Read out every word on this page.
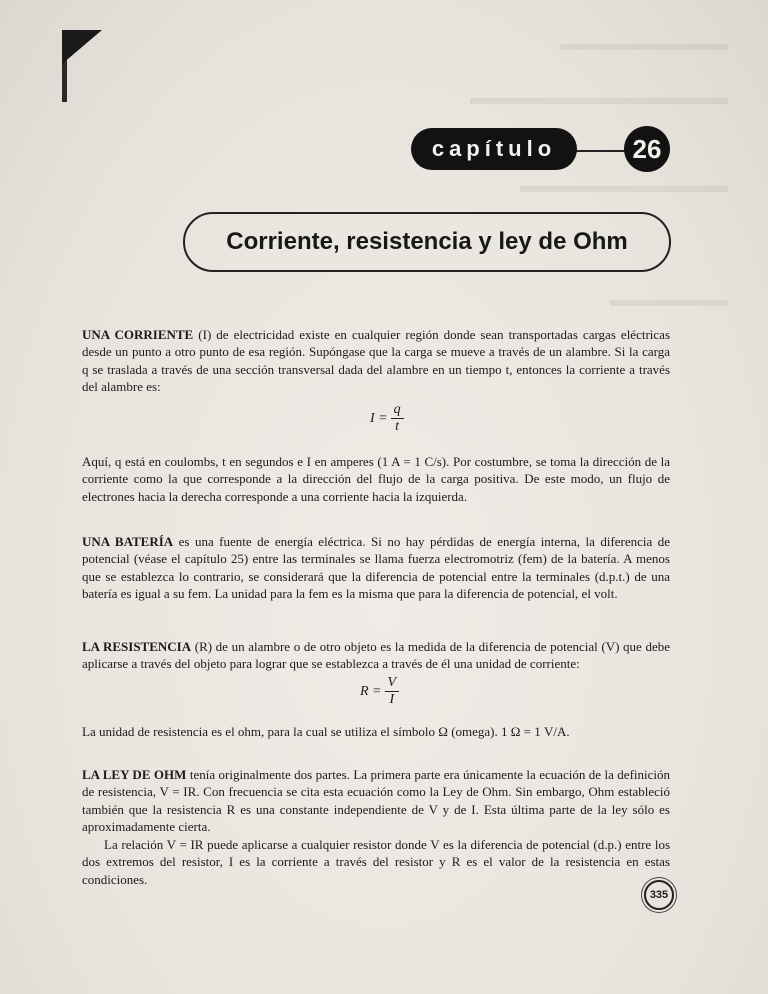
capítulo	26
Corriente, resistencia y ley de Ohm
UNA CORRIENTE (I) de electricidad existe en cualquier región donde sean transportadas cargas eléctricas desde un punto a otro punto de esa región. Supóngase que la carga se mueve a través de un alambre. Si la carga q se traslada a través de una sección transversal dada del alambre en un tiempo t, entonces la corriente a través del alambre es:
$I = \frac{q}{t}$
Aquí, q está en coulombs, t en segundos e I en amperes (1 A = 1 C/s). Por costumbre, se toma la dirección de la corriente como la que corresponde a la dirección del flujo de la carga positiva. De este modo, un flujo de electrones hacia la derecha corresponde a una corriente hacia la izquierda.
UNA BATERÍA es una fuente de energía eléctrica. Si no hay pérdidas de energía interna, la diferencia de potencial (véase el capítulo 25) entre las terminales se llama fuerza electromotriz (fem) de la batería. A menos que se establezca lo contrario, se considerará que la diferencia de potencial entre la terminales (d.p.t.) de una batería es igual a su fem. La unidad para la fem es la misma que para la diferencia de potencial, el volt.
LA RESISTENCIA (R) de un alambre o de otro objeto es la medida de la diferencia de potencial (V) que debe aplicarse a través del objeto para lograr que se establezca a través de él una unidad de corriente:
$R = \frac{V}{I}$
La unidad de resistencia es el ohm, para la cual se utiliza el símbolo Ω (omega). 1 Ω = 1 V/A.
LA LEY DE OHM tenía originalmente dos partes. La primera parte era únicamente la ecuación de la definición de resistencia, V = IR. Con frecuencia se cita esta ecuación como la Ley de Ohm. Sin embargo, Ohm estableció también que la resistencia R es una constante independiente de V y de I. Esta última parte de la ley sólo es aproximadamente cierta.
La relación V = IR puede aplicarse a cualquier resistor donde V es la diferencia de potencial (d.p.) entre los dos extremos del resistor, I es la corriente a través del resistor y R es el valor de la resistencia en estas condiciones.
335
